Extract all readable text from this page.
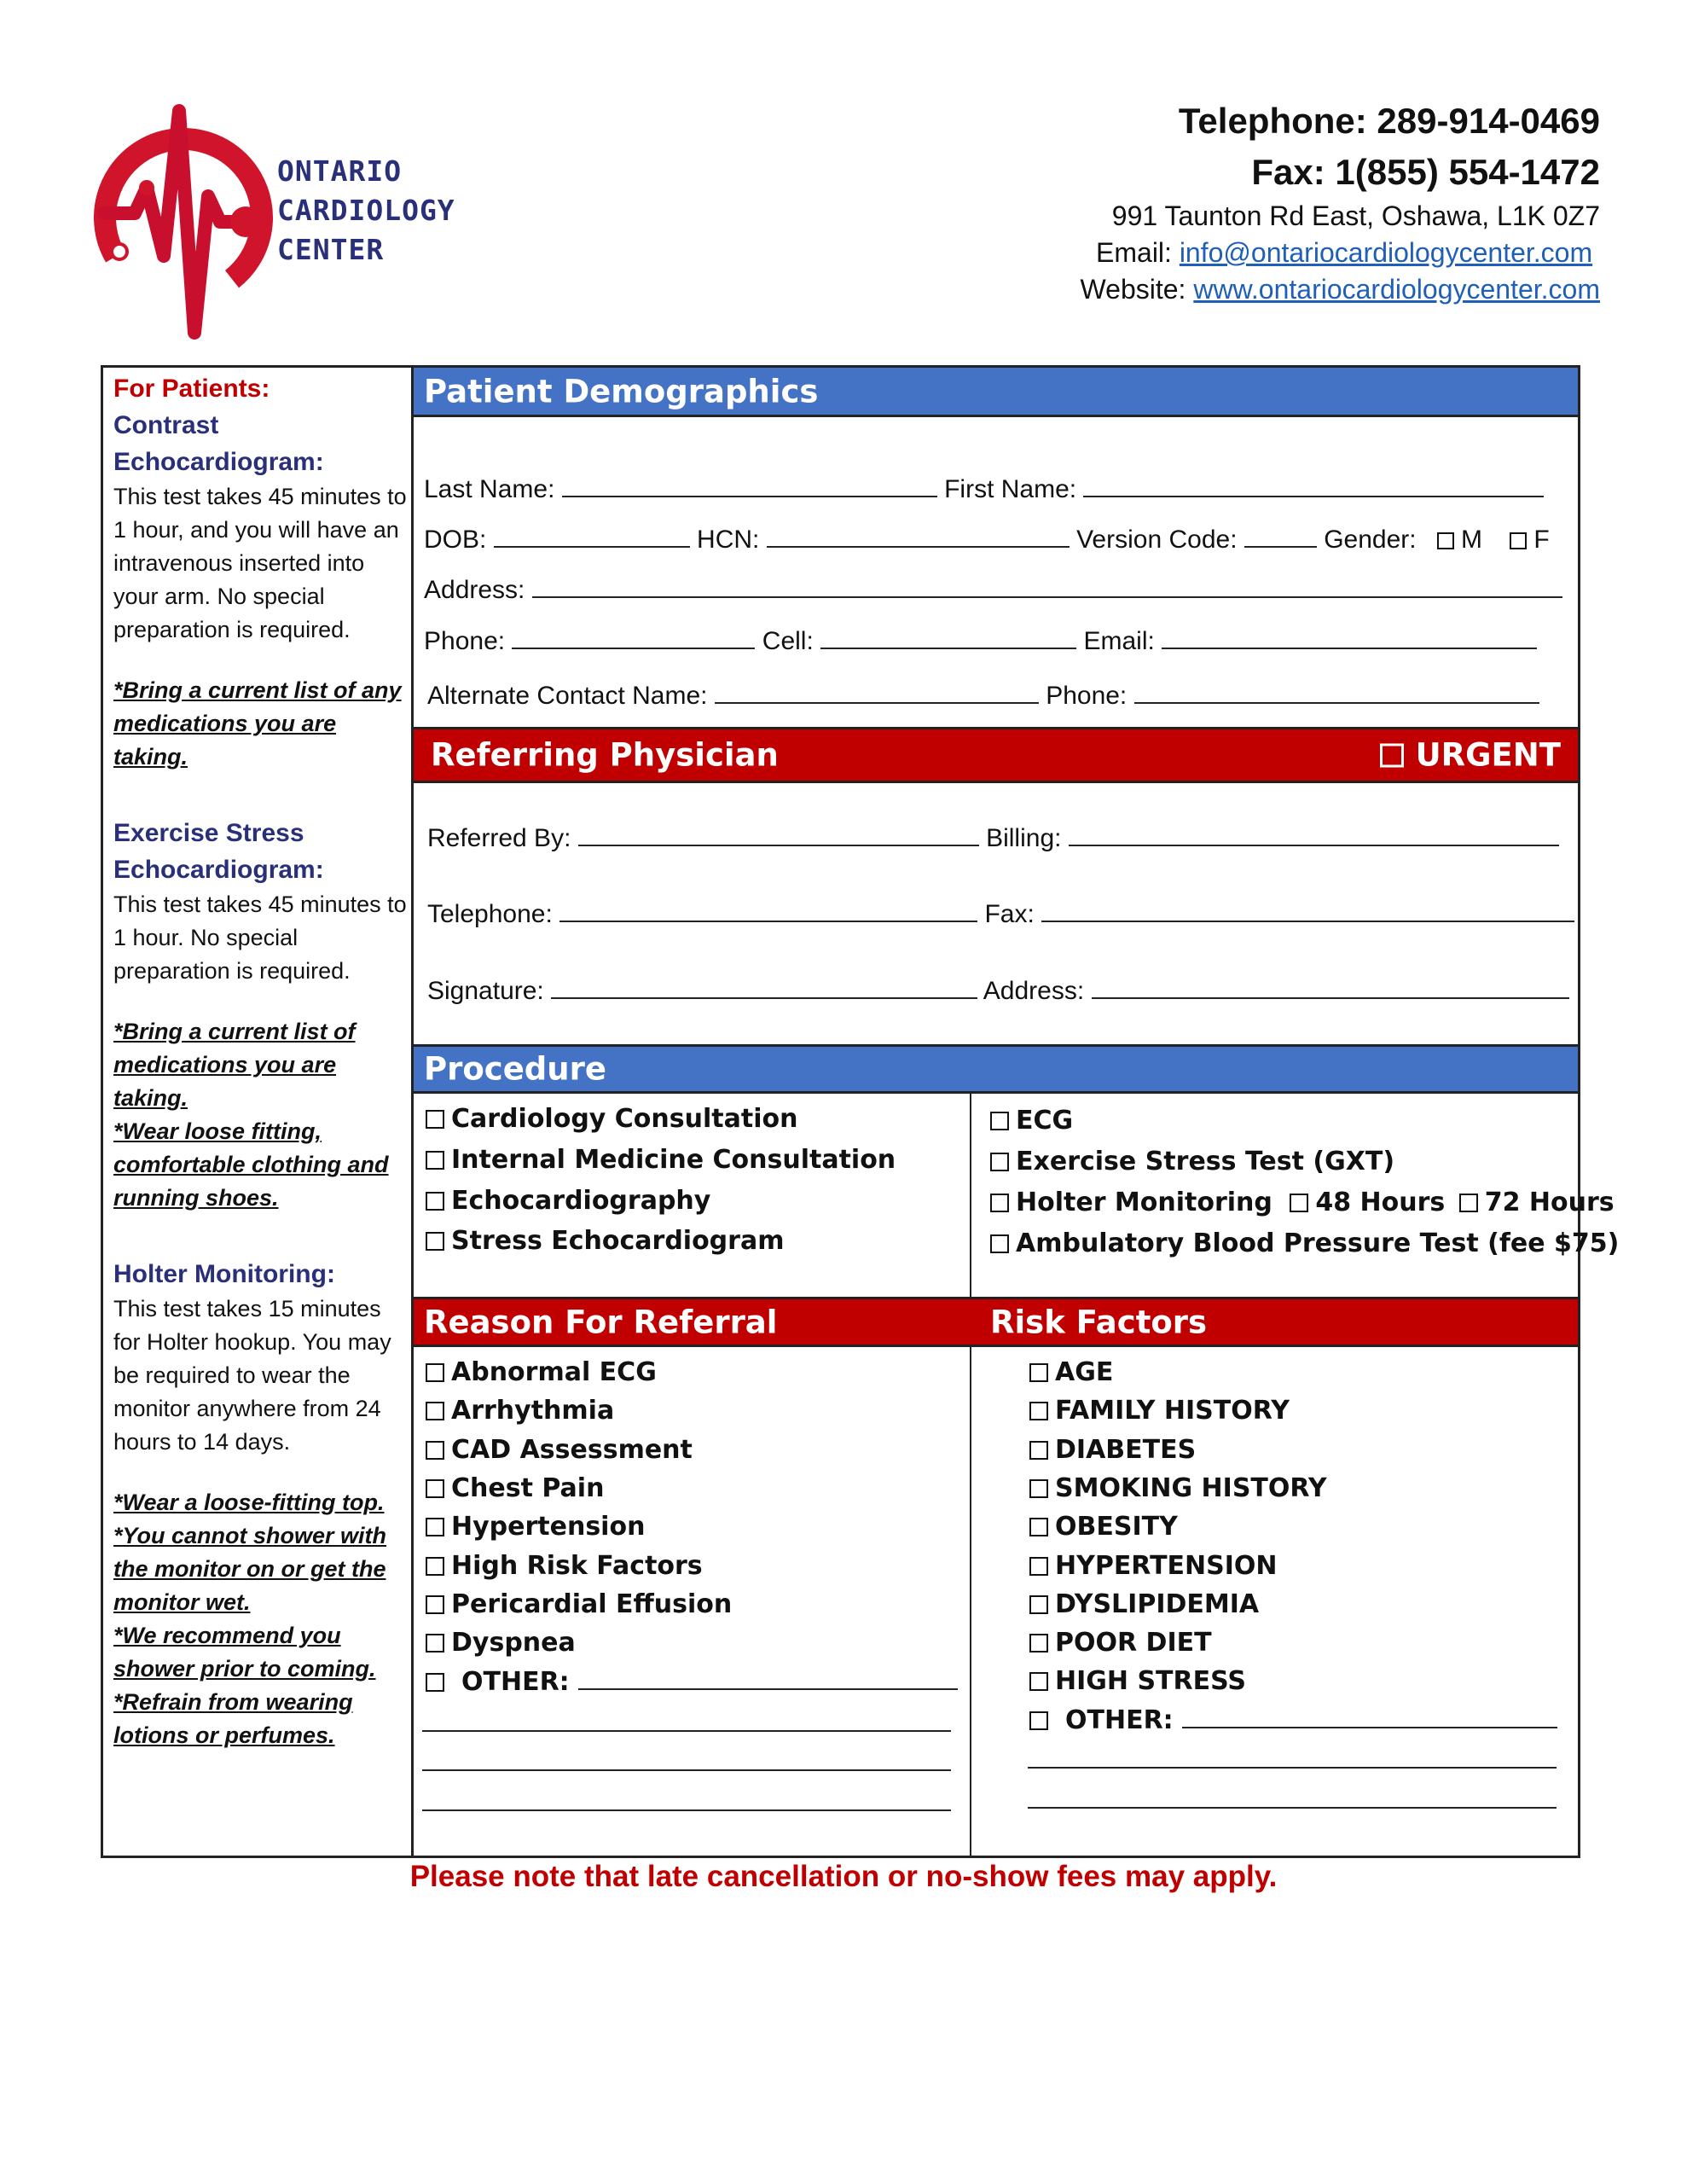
ONTARIO
CARDIOLOGY
CENTER
Telephone: 289-914-0469
Fax: 1(855) 554-1472
991 Taunton Rd East, Oshawa, L1K 0Z7
Email: info@ontariocardiologycenter.com
Website: www.ontariocardiologycenter.com

For Patients:

Contrast

Echocardiogram:

This test takes 45 minutes to 1 hour, and you will have an intravenous inserted into your arm. No special preparation is required.

*Bring a current list of any medications you are taking.

Exercise Stress

Echocardiogram:

This test takes 45 minutes to 1 hour. No special preparation is required.

*Bring a current list of medications you are taking.

*Wear loose fitting, comfortable clothing and running shoes.

Holter Monitoring:

This test takes 15 minutes for Holter hookup. You may be required to wear the monitor anywhere from 24 hours to 14 days.

*Wear a loose-fitting top.

*You cannot shower with the monitor on or get the monitor wet.

*We recommend you shower prior to coming.

*Refrain from wearing lotions or perfumes.

Patient Demographics
Last Name:	First Name:
DOB:	HCN:	Version Code:	Gender: M F
Address:
Phone:	Cell:	Email:
Alternate Contact Name:	Phone:
Referring Physician	URGENT
Referred By:	Billing:
Telephone:	Fax:
Signature:	Address:
Procedure
Cardiology Consultation
Internal Medicine Consultation
Echocardiography
Stress Echocardiogram
ECG
Exercise Stress Test (GXT)
Holter Monitoring 48 Hours 72 Hours
Ambulatory Blood Pressure Test (fee $75)
Reason For Referral	Risk Factors
Abnormal ECG
Arrhythmia
CAD Assessment
Chest Pain
Hypertension
High Risk Factors
Pericardial Effusion
Dyspnea
AGE
FAMILY HISTORY
DIABETES
SMOKING HISTORY
OBESITY
HYPERTENSION
DYSLIPIDEMIA
POOR DIET
HIGH STRESS
OTHER:
OTHER:
Please note that late cancellation or no-show fees may apply.
